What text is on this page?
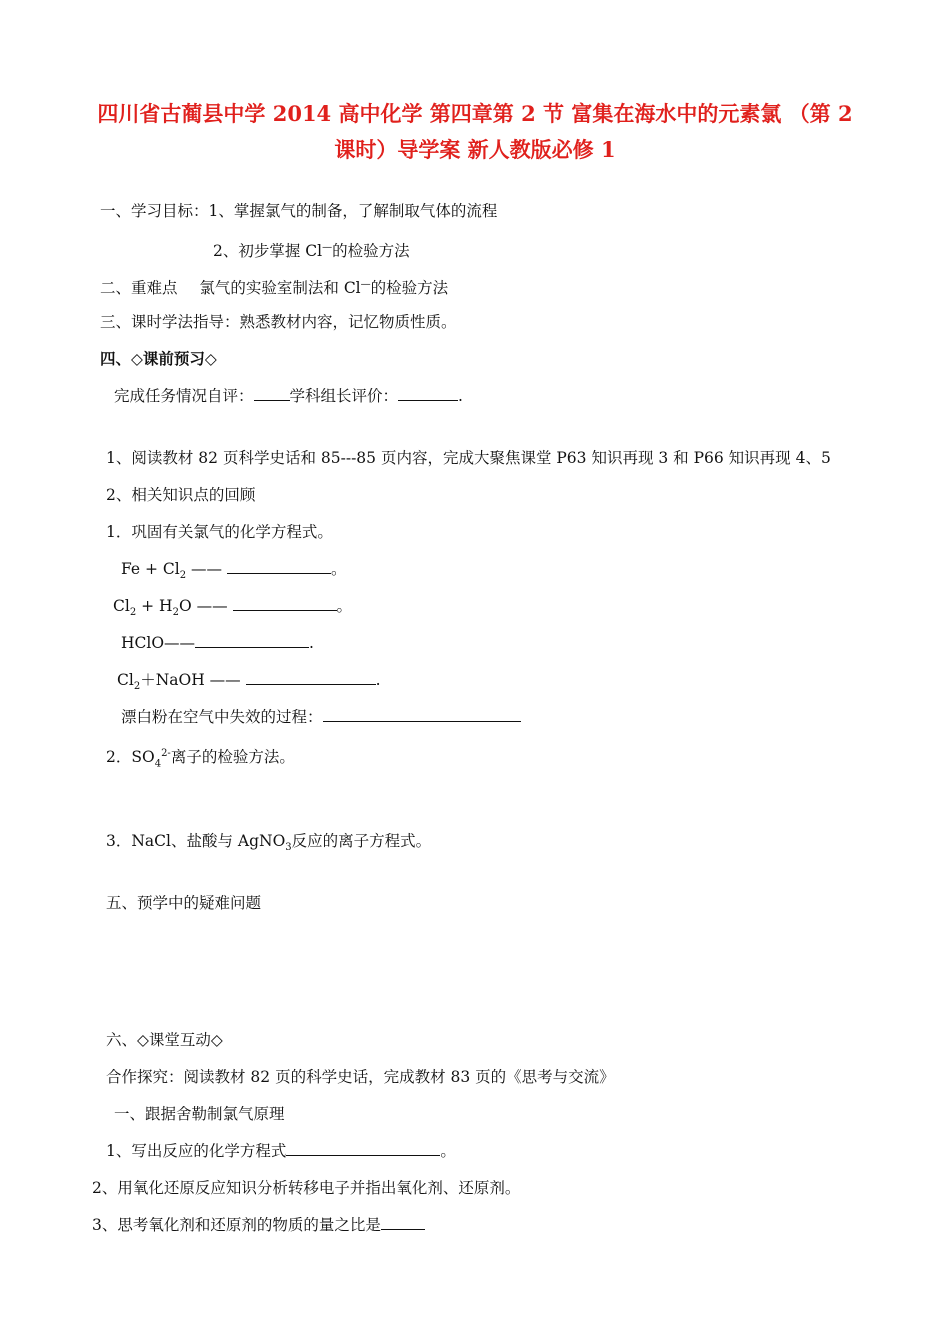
四川省古蔺县中学 2014 高中化学 第四章第 2 节 富集在海水中的元素氯 （第 2
课时）导学案 新人教版必修 1
一、学习目标：1、掌握氯气的制备，了解制取气体的流程
2、初步掌握 Cl—的检验方法
二、重难点 氯气的实验室制法和 Cl—的检验方法
三、课时学法指导：熟悉教材内容，记忆物质性质。
四、◇课前预习◇
完成任务情况自评： 学科组长评价：	.
1、阅读教材 82 页科学史话和 85---85 页内容，完成大聚焦课堂 P63 知识再现 3 和 P66 知识再现 4、5
2、相关知识点的回顾
1．巩固有关氯气的化学方程式。
$Fe + Cl_2$ ——	。
$Cl_2 + H_2O$ ——	。
HClO——	.
$Cl_2+NaOH$ ——	.
漂白粉在空气中失效的过程：
2．$SO_4^{2-}$离子的检验方法。
3．NaCl、盐酸与 AgNO$_3$反应的离子方程式。
五、预学中的疑难问题
六、◇课堂互动◇
合作探究：阅读教材 82 页的科学史话，完成教材 83 页的《思考与交流》
一、跟据舍勒制氯气原理
1、写出反应的化学方程式	。
2、用氧化还原反应知识分析转移电子并指出氧化剂、还原剂。
3、思考氧化剂和还原剂的物质的量之比是
